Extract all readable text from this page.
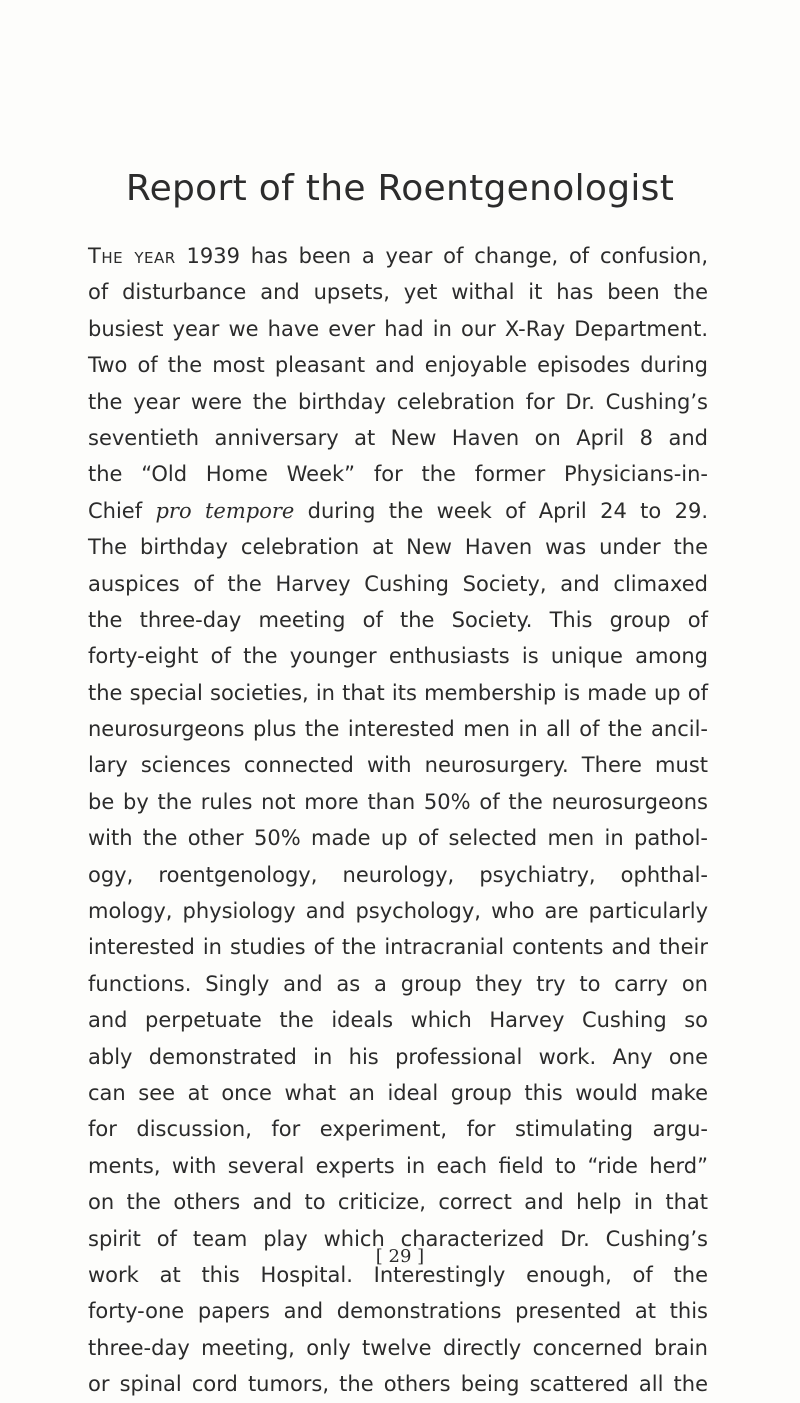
Report of the Roentgenologist
The year 1939 has been a year of change, of confusion,
of disturbance and upsets, yet withal it has been the
busiest year we have ever had in our X-Ray Department.
Two of the most pleasant and enjoyable episodes during
the year were the birthday celebration for Dr. Cushing’s
seventieth anniversary at New Haven on April 8 and
the “Old Home Week” for the former Physicians-in-
Chief pro tempore during the week of April 24 to 29.
The birthday celebration at New Haven was under the
auspices of the Harvey Cushing Society, and climaxed
the three-day meeting of the Society. This group of
forty-eight of the younger enthusiasts is unique among
the special societies, in that its membership is made up of
neurosurgeons plus the interested men in all of the ancil-
lary sciences connected with neurosurgery. There must
be by the rules not more than 50% of the neurosurgeons
with the other 50% made up of selected men in pathol-
ogy, roentgenology, neurology, psychiatry, ophthal-
mology, physiology and psychology, who are particularly
interested in studies of the intracranial contents and their
functions. Singly and as a group they try to carry on
and perpetuate the ideals which Harvey Cushing so
ably demonstrated in his professional work. Any one
can see at once what an ideal group this would make
for discussion, for experiment, for stimulating argu-
ments, with several experts in each field to “ride herd”
on the others and to criticize, correct and help in that
spirit of team play which characterized Dr. Cushing’s
work at this Hospital. Interestingly enough, of the
forty-one papers and demonstrations presented at this
three-day meeting, only twelve directly concerned brain
or spinal cord tumors, the others being scattered all the
[ 29 ]
